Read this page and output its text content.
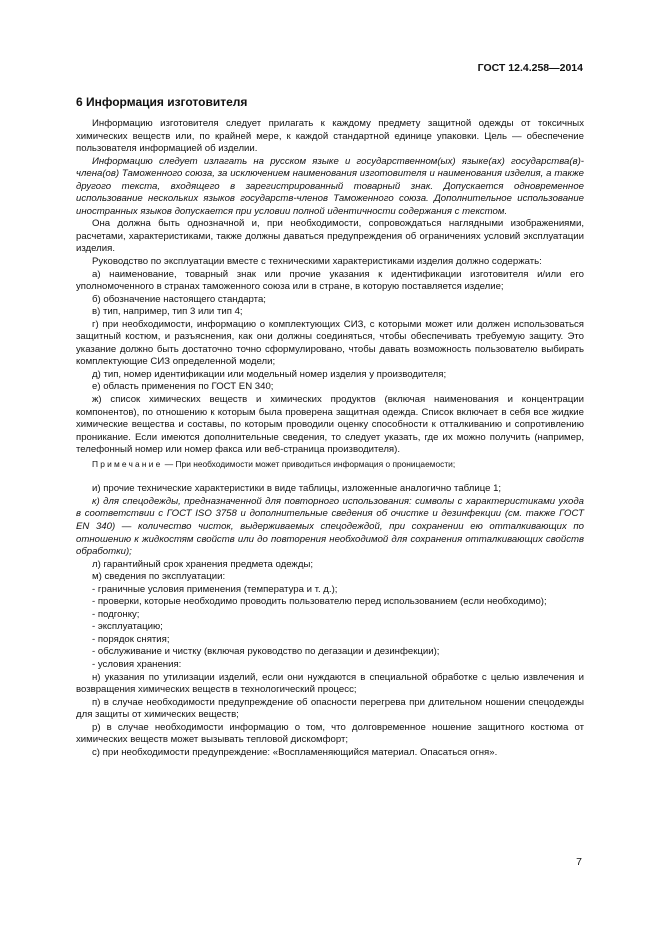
ГОСТ 12.4.258—2014
6 Информация изготовителя

Информацию изготовителя следует прилагать к каждому предмету защитной одежды от токсичных химических веществ или, по крайней мере, к каждой стандартной единице упаковки. Цель — обеспечение пользователя информацией об изделии.

Информацию следует излагать на русском языке и государственном(ых) языке(ах) государства(в)-члена(ов) Таможенного союза, за исключением наименования изготовителя и наименования изделия, а также другого текста, входящего в зарегистрированный товарный знак. Допускается одновременное использование нескольких языков государств-членов Таможенного союза. Дополнительное использование иностранных языков допускается при условии полной идентичности содержания с текстом.

Она должна быть однозначной и, при необходимости, сопровождаться наглядными изображениями, расчетами, характеристиками, также должны даваться предупреждения об ограничениях условий эксплуатации изделия.

Руководство по эксплуатации вместе с техническими характеристиками изделия должно содержать:

а) наименование, товарный знак или прочие указания к идентификации изготовителя и/или его уполномоченного в странах таможенного союза или в стране, в которую поставляется изделие;

б) обозначение настоящего стандарта;

в) тип, например, тип 3 или тип 4;

г) при необходимости, информацию о комплектующих СИЗ, с которыми может или должен использоваться защитный костюм, и разъяснения, как они должны соединяться, чтобы обеспечивать требуемую защиту. Это указание должно быть достаточно точно сформулировано, чтобы давать возможность пользователю выбирать комплектующие СИЗ определенной модели;

д) тип, номер идентификации или модельный номер изделия у производителя;

е) область применения по ГОСТ EN 340;

ж) список химических веществ и химических продуктов (включая наименования и концентрации компонентов), по отношению к которым была проверена защитная одежда. Список включает в себя все жидкие химические вещества и составы, по которым проводили оценку способности к отталкиванию и сопротивлению проникание. Если имеются дополнительные сведения, то следует указать, где их можно получить (например, телефонный номер или номер факса или веб-страница производителя).

Примечание — При необходимости может приводиться информация о проницаемости;

и) прочие технические характеристики в виде таблицы, изложенные аналогично таблице 1;

к) для спецодежды, предназначенной для повторного использования: символы с характеристиками ухода в соответствии с ГОСТ ISO 3758 и дополнительные сведения об очистке и дезинфекции (см. также ГОСТ EN 340) — количество чисток, выдерживаемых спецодеждой, при сохранении ею отталкивающих по отношению к жидкостям свойств или до повторения необходимой для сохранения отталкивающих свойств обработки);

л) гарантийный срок хранения предмета одежды;

м) сведения по эксплуатации:

- граничные условия применения (температура и т. д.);

- проверки, которые необходимо проводить пользователю перед использованием (если необходимо);

- подгонку;

- эксплуатацию;

- порядок снятия;

- обслуживание и чистку (включая руководство по дегазации и дезинфекции);

- условия хранения:

н) указания по утилизации изделий, если они нуждаются в специальной обработке с целью извлечения и возвращения химических веществ в технологический процесс;

п) в случае необходимости предупреждение об опасности перегрева при длительном ношении спецодежды для защиты от химических веществ;

р) в случае необходимости информацию о том, что долговременное ношение защитного костюма от химических веществ может вызывать тепловой дискомфорт;

с) при необходимости предупреждение: «Воспламеняющийся материал. Опасаться огня».

7
